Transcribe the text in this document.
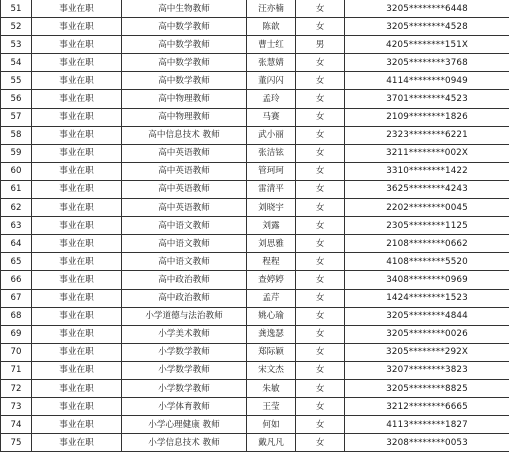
51	事业在职	高中生物教师	汪亦楠	女	3205********6448
52	事业在职	高中数学教师	陈歆	女	3205********4528
53	事业在职	高中数学教师	曹士红	男	4205********151X
54	事业在职	高中数学教师	张慧婧	女	3205********3768
55	事业在职	高中数学教师	董闪闪	女	4114********0949
56	事业在职	高中物理教师	孟玲	女	3701********4523
57	事业在职	高中物理教师	马赛	女	2109********1826
58	事业在职	高中信息技术 教师	武小丽	女	2323********6221
59	事业在职	高中英语教师	张洁铉	女	3211********002X
60	事业在职	高中英语教师	管珂珂	女	3310********1422
61	事业在职	高中英语教师	雷清平	女	3625********4243
62	事业在职	高中英语教师	刘晓宇	女	2202********0045
63	事业在职	高中语文教师	刘露	女	2305********1125
64	事业在职	高中语文教师	刘思雅	女	2108********0662
65	事业在职	高中语文教师	程程	女	4108********5520
66	事业在职	高中政治教师	查婷婷	女	3408********0969
67	事业在职	高中政治教师	孟芹	女	1424********1523
68	事业在职	小学道德与法治教师	姚心瑜	女	3205********4844
69	事业在职	小学美术教师	龚逸瑟	女	3205********0026
70	事业在职	小学数学教师	郑际颖	女	3205********292X
71	事业在职	小学数学教师	宋文杰	女	3207********3823
72	事业在职	小学数学教师	朱敏	女	3205********8825
73	事业在职	小学体育教师	王莹	女	3212********6665
74	事业在职	小学心理健康 教师	何如	女	4113********1827
75	事业在职	小学信息技术 教师	戴凡凡	女	3208********0053
